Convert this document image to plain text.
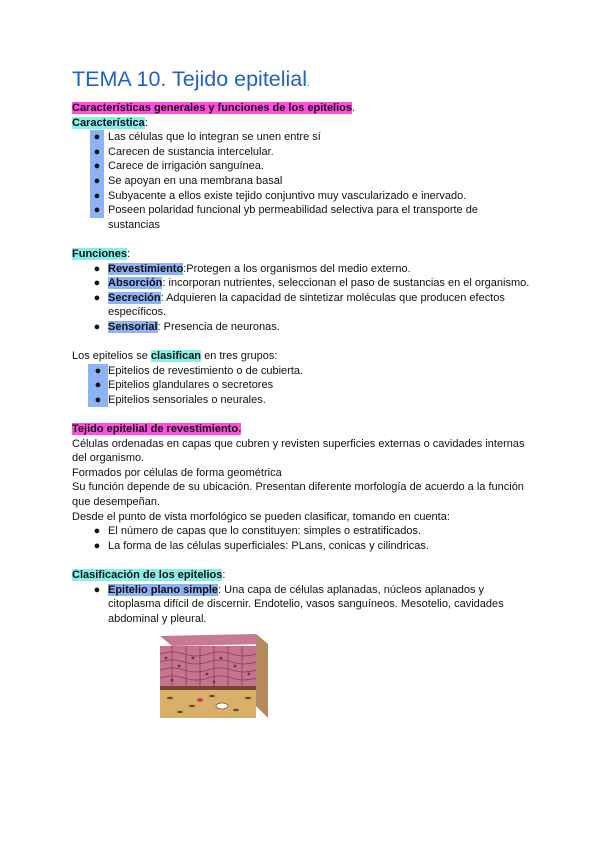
TEMA 10. Tejido epitelial.

Características generales y funciones de los epitelios.

Característica:

● Las células que lo integran se unen entre sí
● Carecen de sustancia intercelular.
● Carece de irrigación sanguínea.
● Se apoyan en una membrana basal
● Subyacente a ellos existe tejido conjuntivo muy vascularizado e inervado.
● Poseen polaridad funcional yb permeabilidad selectiva para el transporte de sustancias

Funciones:

● Revestimiento:Protegen a los organismos del medio externo.
● Absorción: incorporan nutrientes, seleccionan el paso de sustancias en el organismo.
● Secreción: Adquieren la capacidad de sintetizar moléculas que producen efectos específicos.
● Sensorial: Presencia de neuronas.

Los epitelios se clasifican en tres grupos:

● Epitelios de revestimiento o de cubierta.
● Epitelios glandulares o secretores
● Epitelios sensoriales o neurales.

Tejido epitelial de revestimiento.

Células ordenadas en capas que cubren y revisten superficies externas o cavidades internas del organismo.

Formados por células de forma geométrica

Su función depende de su ubicación. Presentan diferente morfología de acuerdo a la función que desempeñan.

Desde el punto de vista morfológico se pueden clasificar, tomando en cuenta:

● El número de capas que lo constituyen: simples o estratificados.
● La forma de las células superficiales: PLans, conicas y cilindricas.

Clasificación de los epitelios:

● Epitelio plano simple: Una capa de células aplanadas, núcleos aplanados y citoplasma difícil de discernir. Endotelio, vasos sanguíneos. Mesotelio, cavidades abdominal y pleural.
